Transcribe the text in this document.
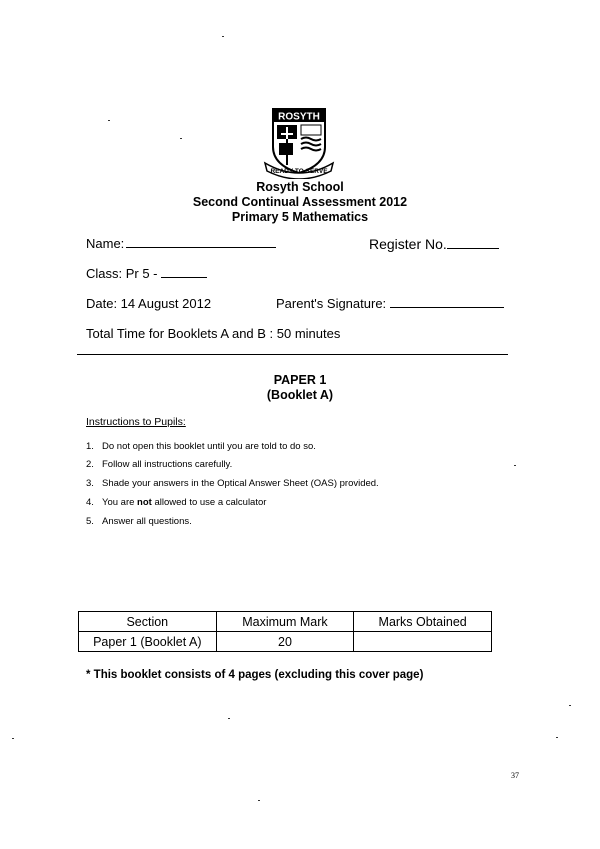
ROSYTH
READY TO SERVE
Rosyth School
Second Continual Assessment 2012
Primary 5 Mathematics
Name:	Register No.
Class: Pr 5 -
Date: 14 August 2012	Parent's Signature:
Total Time for Booklets A and B : 50 minutes
PAPER 1
(Booklet A)
Instructions to Pupils:
1. Do not open this booklet until you are told to do so.
2. Follow all instructions carefully.
3. Shade your answers in the Optical Answer Sheet (OAS) provided.
4. You are not allowed to use a calculator
5. Answer all questions.
Section	Maximum Mark	Marks Obtained
Paper 1 (Booklet A)	20	
* This booklet consists of 4 pages (excluding this cover page)
37
